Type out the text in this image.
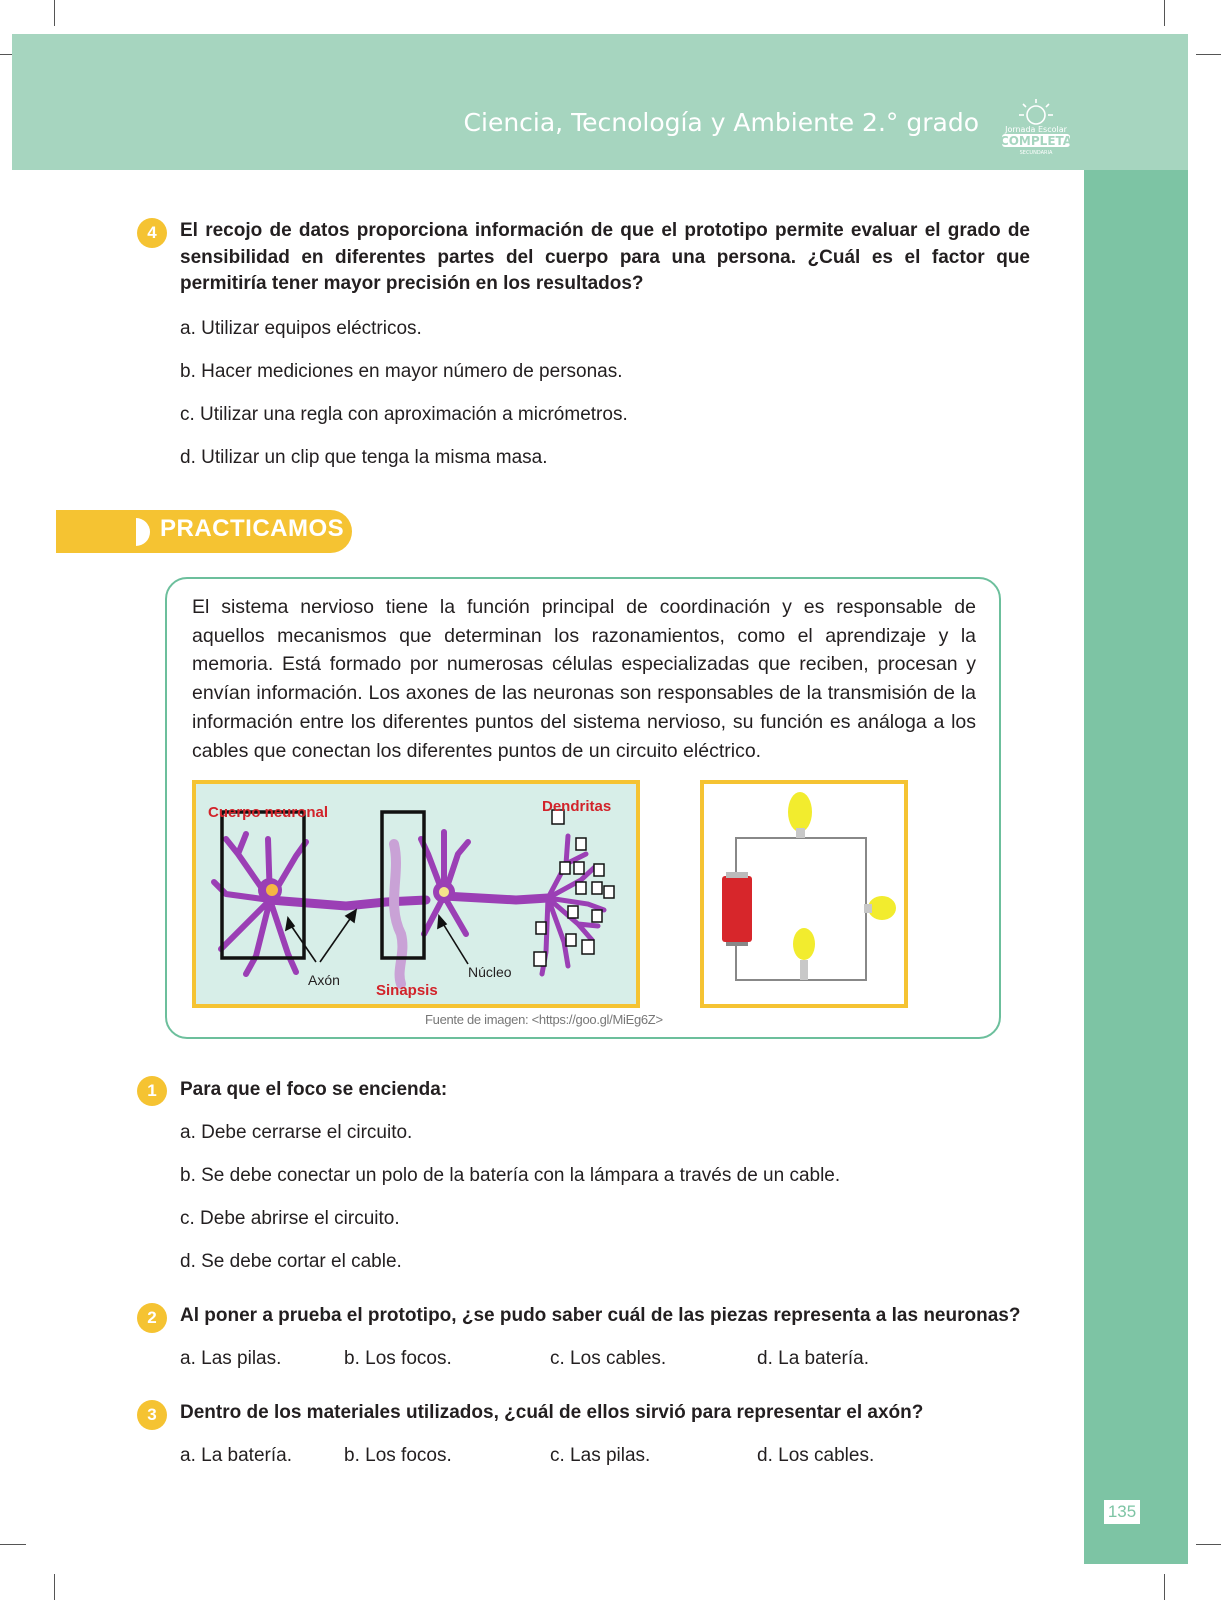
Ciencia, Tecnología y Ambiente 2.° grado	Jornada Escolar
COMPLETA
SECUNDARIA
135
4	El recojo de datos proporciona información de que el prototipo permite evaluar el grado de sensibilidad en diferentes partes del cuerpo para una persona. ¿Cuál es el factor que permitiría tener mayor precisión en los resultados?
a. Utilizar equipos eléctricos.
b. Hacer mediciones en mayor número de personas.
c. Utilizar una regla con aproximación a micrómetros.
d. Utilizar un clip que tenga la misma masa.
PRACTICAMOS
El sistema nervioso tiene la función principal de coordinación y es responsable de aquellos mecanismos que determinan los razonamientos, como el aprendizaje y la memoria. Está formado por numerosas células especializadas que reciben, procesan y envían información. Los axones de las neuronas son responsables de la transmisión de la información entre los diferentes puntos del sistema nervioso, su función es análoga a los cables que conectan los diferentes puntos de un circuito eléctrico.
Cuerpo neuronal	Dendritas
Axón
Sinapsis
Núcleo
Fuente de imagen: <https://goo.gl/MiEg6Z>
1	Para que el foco se encienda:
a. Debe cerrarse el circuito.
b. Se debe conectar un polo de la batería con la lámpara a través de un cable.
c. Debe abrirse el circuito.
d. Se debe cortar el cable.
2	Al poner a prueba el prototipo, ¿se pudo saber cuál de las piezas representa a las neuronas?
a. Las pilas.	b. Los focos.	c. Los cables.	d. La batería.
3	Dentro de los materiales utilizados, ¿cuál de ellos sirvió para representar el axón?
a. La batería.	b. Los focos.	c. Las pilas.	d. Los cables.
